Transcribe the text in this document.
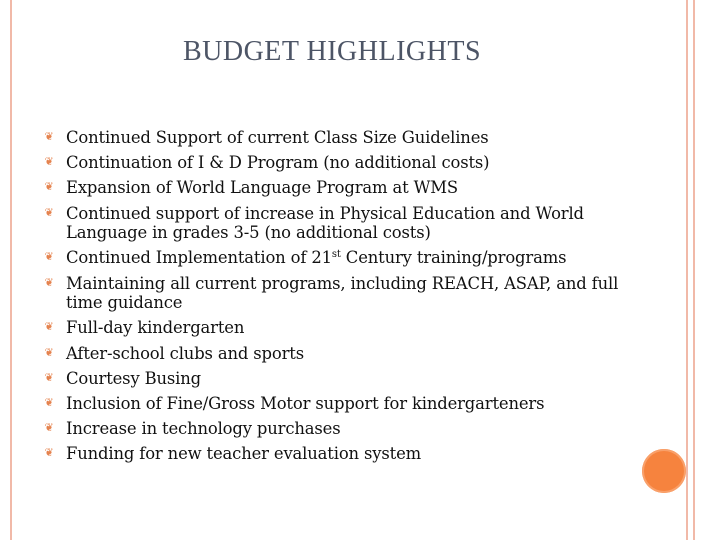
BUDGET HIGHLIGHTS
❦ Continued Support of current Class Size Guidelines
❦ Continuation of I & D Program (no additional costs)
❦ Expansion of World Language Program at WMS
❦ Continued support of increase in Physical Education and World Language in grades 3-5 (no additional costs)
❦ Continued Implementation of 21st Century training/programs
❦ Maintaining all current programs, including REACH, ASAP, and full time guidance
❦ Full-day kindergarten
❦ After-school clubs and sports
❦ Courtesy Busing
❦ Inclusion of Fine/Gross Motor support for kindergarteners
❦ Increase in technology purchases
❦ Funding for new teacher evaluation system
